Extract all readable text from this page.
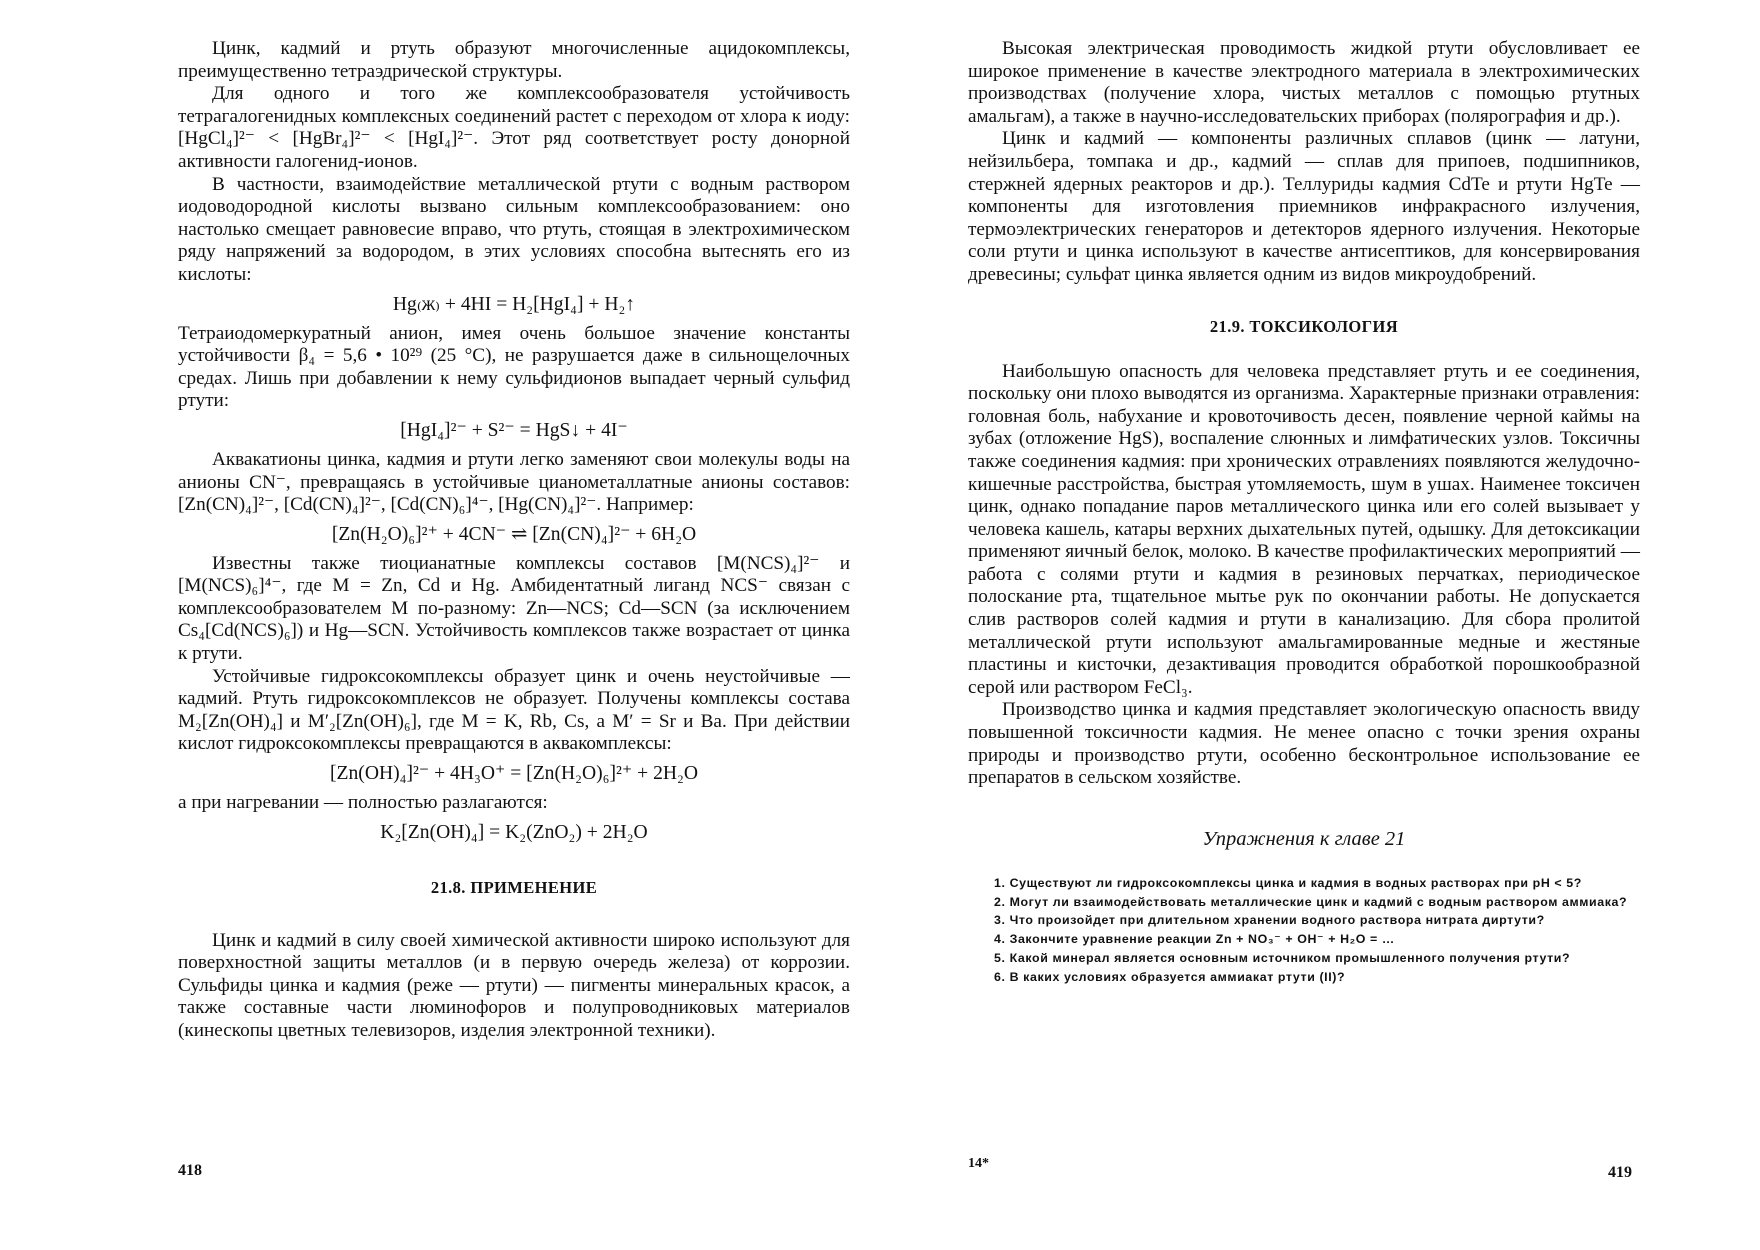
Цинк, кадмий и ртуть образуют многочисленные ацидокомплексы, преимущественно тетраэдрической структуры.

Для одного и того же комплексообразователя устойчивость тетрагалогенидных комплексных соединений растет с переходом от хлора к иоду: [HgCl₄]²⁻ < [HgBr₄]²⁻ < [HgI₄]²⁻. Этот ряд соответствует росту донорной активности галогенид-ионов.

В частности, взаимодействие металлической ртути с водным раствором иодоводородной кислоты вызвано сильным комплексообразованием: оно настолько смещает равновесие вправо, что ртуть, стоящая в электрохимическом ряду напряжений за водородом, в этих условиях способна вытеснять его из кислоты:

Hg₍ж₎ + 4HI = H₂[HgI₄] + H₂↑

Тетраиодомеркуратный анион, имея очень большое значение константы устойчивости β₄ = 5,6 • 10²⁹ (25 °C), не разрушается даже в сильнощелочных средах. Лишь при добавлении к нему сульфидионов выпадает черный сульфид ртути:

[HgI₄]²⁻ + S²⁻ = HgS↓ + 4I⁻

Аквакатионы цинка, кадмия и ртути легко заменяют свои молекулы воды на анионы CN⁻, превращаясь в устойчивые цианометаллатные анионы составов: [Zn(CN)₄]²⁻, [Cd(CN)₄]²⁻, [Cd(CN)₆]⁴⁻, [Hg(CN)₄]²⁻. Например:

[Zn(H₂O)₆]²⁺ + 4CN⁻ ⇌ [Zn(CN)₄]²⁻ + 6H₂O

Известны также тиоцианатные комплексы составов [M(NCS)₄]²⁻ и [M(NCS)₆]⁴⁻, где M = Zn, Cd и Hg. Амбидентатный лиганд NCS⁻ связан с комплексообразователем M по-разному: Zn—NCS; Cd—SCN (за исключением Cs₄[Cd(NCS)₆]) и Hg—SCN. Устойчивость комплексов также возрастает от цинка к ртути.

Устойчивые гидроксокомплексы образует цинк и очень неустойчивые — кадмий. Ртуть гидроксокомплексов не образует. Получены комплексы состава M₂[Zn(OH)₄] и M′₂[Zn(OH)₆], где M = K, Rb, Cs, а M′ = Sr и Ba. При действии кислот гидроксокомплексы превращаются в аквакомплексы:

[Zn(OH)₄]²⁻ + 4H₃O⁺ = [Zn(H₂O)₆]²⁺ + 2H₂O

а при нагревании — полностью разлагаются:

K₂[Zn(OH)₄] = K₂(ZnO₂) + 2H₂O
21.8. ПРИМЕНЕНИЕ

Цинк и кадмий в силу своей химической активности широко используют для поверхностной защиты металлов (и в первую очередь железа) от коррозии. Сульфиды цинка и кадмия (реже — ртути) — пигменты минеральных красок, а также составные части люминофоров и полупроводниковых материалов (кинескопы цветных телевизоров, изделия электронной техники).

418

Высокая электрическая проводимость жидкой ртути обусловливает ее широкое применение в качестве электродного материала в электрохимических производствах (получение хлора, чистых металлов с помощью ртутных амальгам), а также в научно-исследовательских приборах (полярография и др.).

Цинк и кадмий — компоненты различных сплавов (цинк — латуни, нейзильбера, томпака и др., кадмий — сплав для припоев, подшипников, стержней ядерных реакторов и др.). Теллуриды кадмия CdTe и ртути HgTe — компоненты для изготовления приемников инфракрасного излучения, термоэлектрических генераторов и детекторов ядерного излучения. Некоторые соли ртути и цинка используют в качестве антисептиков, для консервирования древесины; сульфат цинка является одним из видов микроудобрений.

21.9. ТОКСИКОЛОГИЯ

Наибольшую опасность для человека представляет ртуть и ее соединения, поскольку они плохо выводятся из организма. Характерные признаки отравления: головная боль, набухание и кровоточивость десен, появление черной каймы на зубах (отложение HgS), воспаление слюнных и лимфатических узлов. Токсичны также соединения кадмия: при хронических отравлениях появляются желудочно-кишечные расстройства, быстрая утомляемость, шум в ушах. Наименее токсичен цинк, однако попадание паров металлического цинка или его солей вызывает у человека кашель, катары верхних дыхательных путей, одышку. Для детоксикации применяют яичный белок, молоко. В качестве профилактических мероприятий — работа с солями ртути и кадмия в резиновых перчатках, периодическое полоскание рта, тщательное мытье рук по окончании работы. Не допускается слив растворов солей кадмия и ртути в канализацию. Для сбора пролитой металлической ртути используют амальгамированные медные и жестяные пластины и кисточки, дезактивация проводится обработкой порошкообразной серой или раствором FeCl₃.

Производство цинка и кадмия представляет экологическую опасность ввиду повышенной токсичности кадмия. Не менее опасно с точки зрения охраны природы и производство ртути, особенно бесконтрольное использование ее препаратов в сельском хозяйстве.

Упражнения к главе 21
1. Существуют ли гидроксокомплексы цинка и кадмия в водных растворах при pH < 5?
2. Могут ли взаимодействовать металлические цинк и кадмий с водным раствором аммиака?
3. Что произойдет при длительном хранении водного раствора нитрата диртути?
4. Закончите уравнение реакции Zn + NO₃⁻ + OH⁻ + H₂O = …
5. Какой минерал является основным источником промышленного получения ртути?
6. В каких условиях образуется аммиакат ртути (II)?
14*
419
